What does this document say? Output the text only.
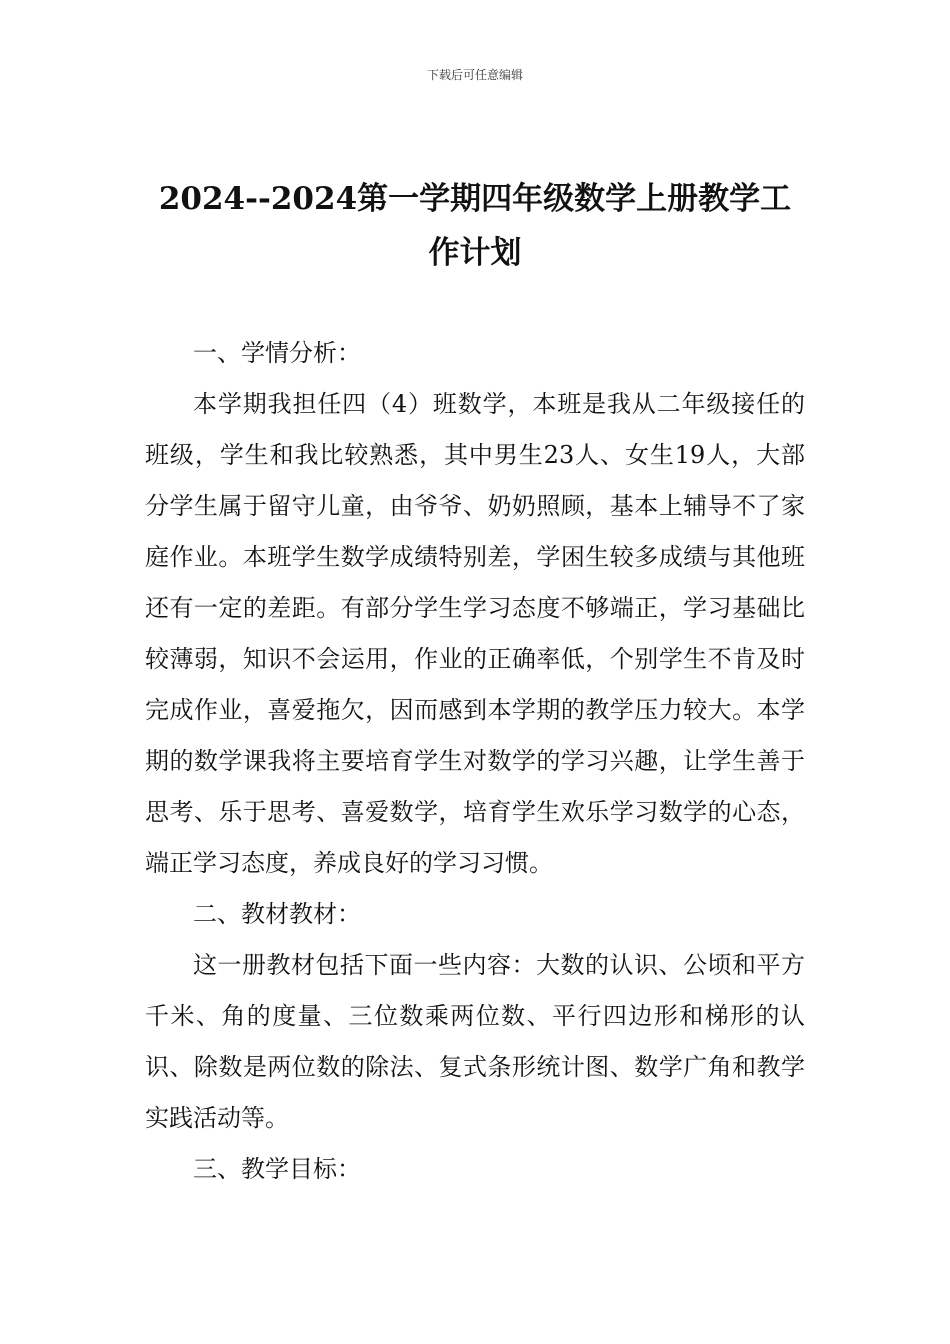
下载后可任意编辑
2024--2024第一学期四年级数学上册教学工作计划

一、学情分析：

本学期我担任四（4）班数学，本班是我从二年级接任的班级，学生和我比较熟悉，其中男生23人、女生19人，大部分学生属于留守儿童，由爷爷、奶奶照顾，基本上辅导不了家庭作业。本班学生数学成绩特别差，学困生较多成绩与其他班还有一定的差距。有部分学生学习态度不够端正，学习基础比较薄弱，知识不会运用，作业的正确率低，个别学生不肯及时完成作业，喜爱拖欠，因而感到本学期的教学压力较大。本学期的数学课我将主要培育学生对数学的学习兴趣，让学生善于思考、乐于思考、喜爱数学，培育学生欢乐学习数学的心态，端正学习态度，养成良好的学习习惯。

二、教材教材：

这一册教材包括下面一些内容：大数的认识、公顷和平方千米、角的度量、三位数乘两位数、平行四边形和梯形的认识、除数是两位数的除法、复式条形统计图、数学广角和教学实践活动等。

三、教学目标：
